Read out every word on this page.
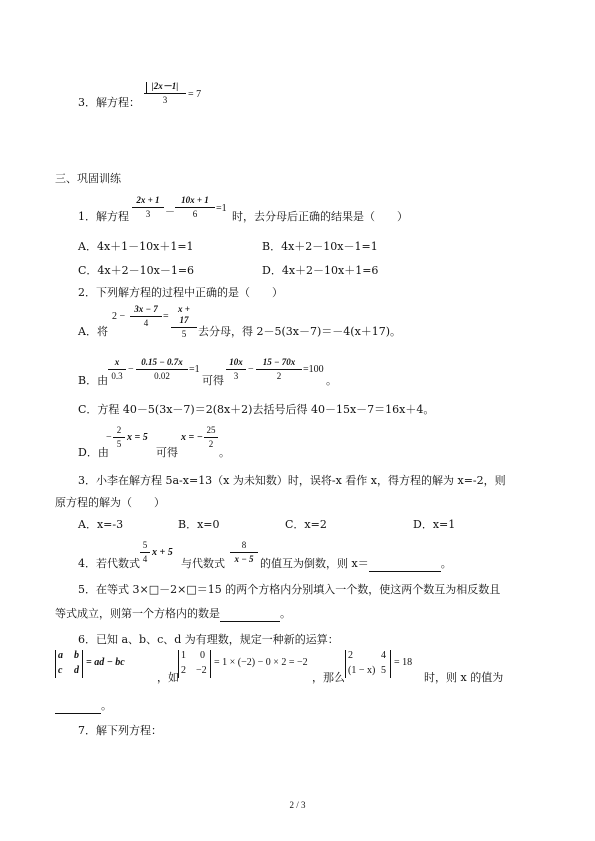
3．解方程： $\frac{|2x-1|}{3} = 7$
三、巩固训练
1．解方程 $\frac{2x + 1}{3} - \frac{10x + 1}{6} =1$
时，去分母后正确的结果是（　　）
A．4x＋1－10x＋1=1	B．4x＋2－10x－1=1
C．4x＋2－10x－1=6	D．4x＋2－10x＋1=6
2．下列解方程的过程中正确的是（　　）
A．将
$2 - \frac{3x - 7}{4} = \frac{x + 17}{5}$ 去分母，得 2－5(3x－7)＝－4(x＋17)。
B．由 $\frac{x}{0.3} - \frac{0.15 - 0.7x}{0.02} =1$
可得 $\frac{10x}{3} - \frac{15 - 70x}{2} =100$
。
C．方程 40－5(3x－7)＝2(8x＋2)去括号后得 40－15x－7＝16x＋4。
D．由
− $\frac{2}{5}$ x = 5
可得
x = − $\frac{25}{2}$
。
3．小李在解方程 5a-x=13（x 为未知数）时，误将-x 看作 x，得方程的解为 x=-2，则
原方程的解为（　　）
A．x=-3	B．x=0	C．x=2	D．x=1
4．若代数式 $\frac{5}{4}$ x + 5
与代数式 $\frac{8}{x - 5}$ 的值互为倒数，则 x＝	。
5．在等式 3×□－2×□＝15 的两个方格内分别填入一个数，使这两个数互为相反数且
等式成立，则第一个方格内的数是	。
6．已知 a、b、c、d 为有理数，规定一种新的运算：
a b
c d
= ad − bc
，如
1 0
2 −2
= 1 × (−2) − 0 × 2 = −2
，那么
2	4
(1 − x) 5
= 18
时，则 x 的值为
。
7．解下列方程：
2 / 3
